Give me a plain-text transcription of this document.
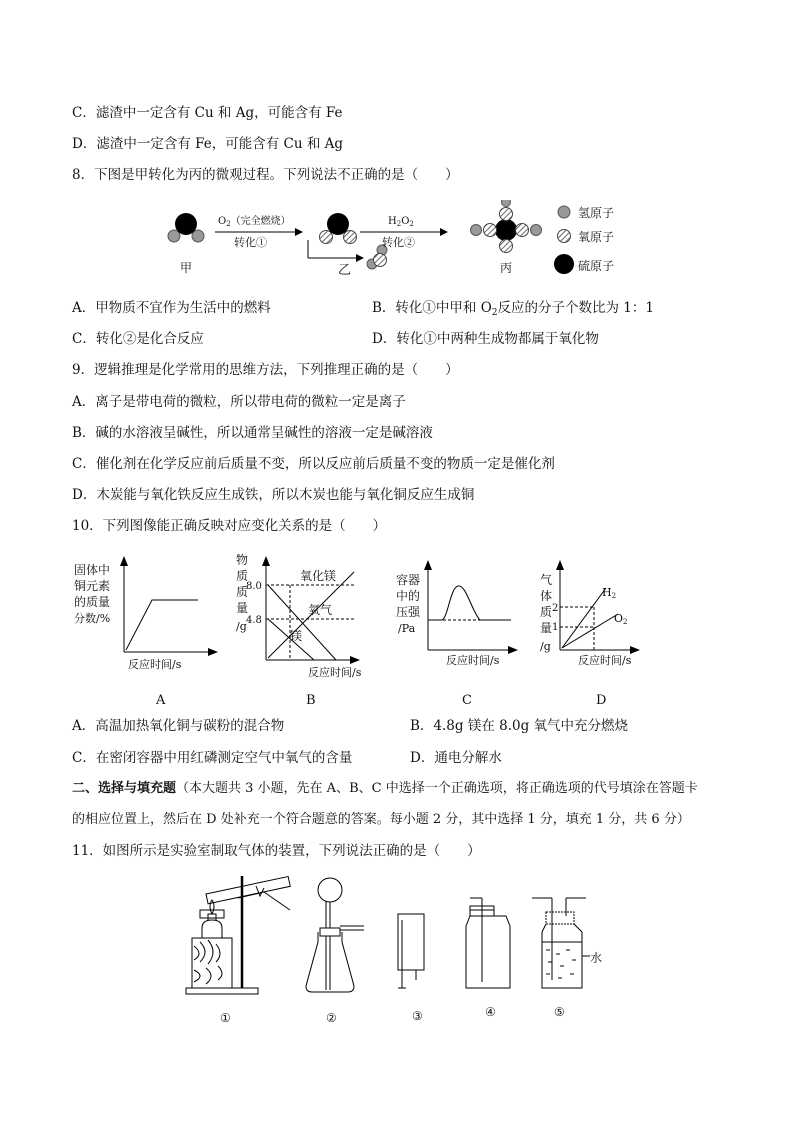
C．滤渣中一定含有 Cu 和 Ag，可能含有 Fe
D．滤渣中一定含有 Fe，可能含有 Cu 和 Ag
8．下图是甲转化为丙的微观过程。下列说法不正确的是（　　）
甲
$O_2$（完全燃烧）
转化①
乙
$H_2O_2$
转化②
丙
氢原子
氧原子
硫原子
A．甲物质不宜作为生活中的燃料	B．转化①中甲和 $O_2$反应的分子个数比为 1：1
C．转化②是化合反应	D．转化①中两种生成物都属于氧化物
9．逻辑推理是化学常用的思维方法，下列推理正确的是（　　）
A．离子是带电荷的微粒，所以带电荷的微粒一定是离子
B．碱的水溶液呈碱性，所以通常呈碱性的溶液一定是碱溶液
C．催化剂在化学反应前后质量不变，所以反应前后质量不变的物质一定是催化剂
D．木炭能与氧化铁反应生成铁，所以木炭也能与氧化铜反应生成铜
10．下列图像能正确反映对应变化关系的是（　　）
固体中
铜元素
的质量
分数/%
反应时间/s
A
物
质
质
量
/g
8.0
4.8
氧化镁
氧气
镁
反应时间/s
B
容器
中的
压强
/Pa
反应时间/s
C
气
体
质
量
/g
2
1
H2
O2
反应时间/s
D
A．高温加热氧化铜与碳粉的混合物	B．4.8g 镁在 8.0g 氧气中充分燃烧
C．在密闭容器中用红磷测定空气中氧气的含量	D．通电分解水
二、选择与填充题（本大题共 3 小题，先在 A、B、C 中选择一个正确选项，将正确选项的代号填涂在答题卡
的相应位置上，然后在 D 处补充一个符合题意的答案。每小题 2 分，其中选择 1 分，填充 1 分，共 6 分）
11．如图所示是实验室制取气体的装置，下列说法正确的是（　　）
①	②	③	④
水
⑤
